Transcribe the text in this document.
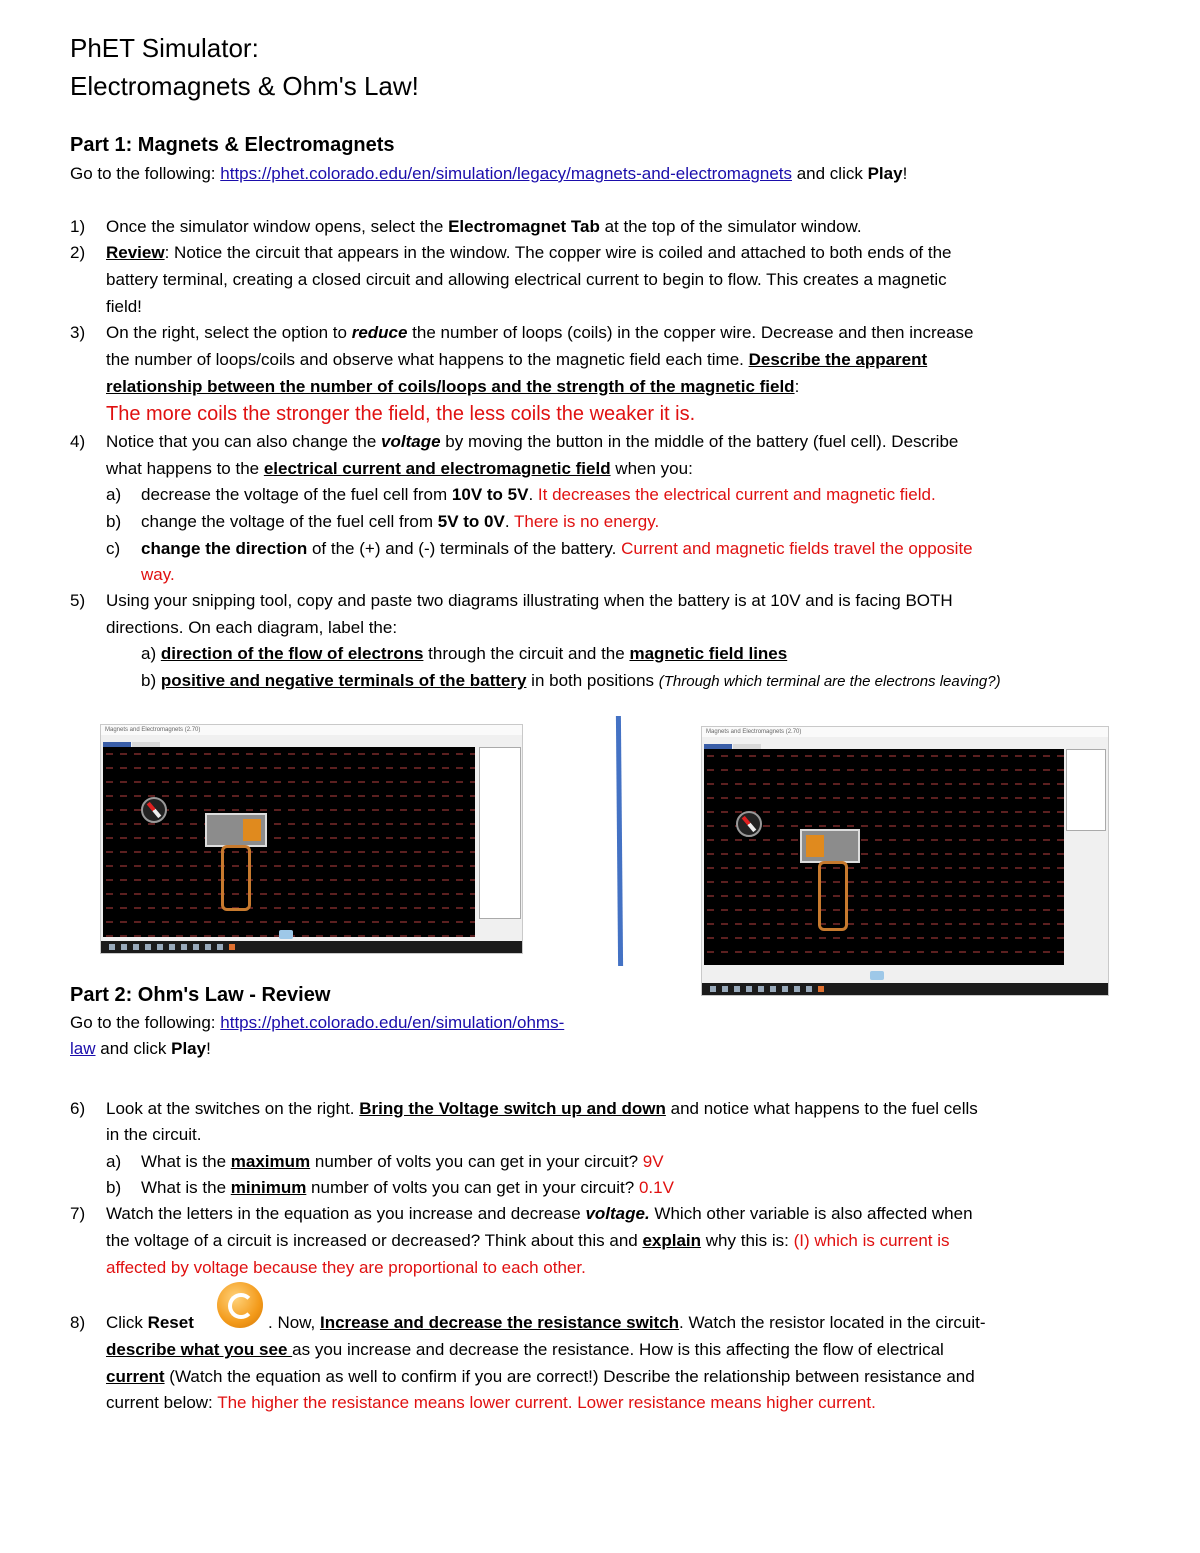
PhET Simulator:
Electromagnets & Ohm's Law!
Part 1: Magnets & Electromagnets
Go to the following: https://phet.colorado.edu/en/simulation/legacy/magnets-and-electromagnets and click Play!
1) Once the simulator window opens, select the Electromagnet Tab at the top of the simulator window.
2) Review: Notice the circuit that appears in the window. The copper wire is coiled and attached to both ends of the
battery terminal, creating a closed circuit and allowing electrical current to begin to flow. This creates a magnetic
field!
3) On the right, select the option to reduce the number of loops (coils) in the copper wire. Decrease and then increase
the number of loops/coils and observe what happens to the magnetic field each time. Describe the apparent
relationship between the number of coils/loops and the strength of the magnetic field:
The more coils the stronger the field, the less coils the weaker it is.
4) Notice that you can also change the voltage by moving the button in the middle of the battery (fuel cell). Describe
what happens to the electrical current and electromagnetic field when you:
a) decrease the voltage of the fuel cell from 10V to 5V. It decreases the electrical current and magnetic field.
b) change the voltage of the fuel cell from 5V to 0V. There is no energy.
c) change the direction of the (+) and (-) terminals of the battery. Current and magnetic fields travel the opposite
way.
5) Using your snipping tool, copy and paste two diagrams illustrating when the battery is at 10V and is facing BOTH
directions. On each diagram, label the:
a) direction of the flow of electrons through the circuit and the magnetic field lines
b) positive and negative terminals of the battery in both positions (Through which terminal are the electrons leaving?)
Magnets and Electromagnets (2.70)	Magnets and Electromagnets (2.70)
Part 2: Ohm's Law - Review
Go to the following: https://phet.colorado.edu/en/simulation/ohms-
law and click Play!
6) Look at the switches on the right. Bring the Voltage switch up and down and notice what happens to the fuel cells
in the circuit.
a) What is the maximum number of volts you can get in your circuit? 9V
b) What is the minimum number of volts you can get in your circuit? 0.1V
7) Watch the letters in the equation as you increase and decrease voltage. Which other variable is also affected when
the voltage of a circuit is increased or decreased? Think about this and explain why this is: (I) which is current is
affected by voltage because they are proportional to each other.
8) Click Reset	. Now, Increase and decrease the resistance switch. Watch the resistor located in the circuit-
describe what you see as you increase and decrease the resistance. How is this affecting the flow of electrical
current (Watch the equation as well to confirm if you are correct!) Describe the relationship between resistance and
current below: The higher the resistance means lower current. Lower resistance means higher current.
